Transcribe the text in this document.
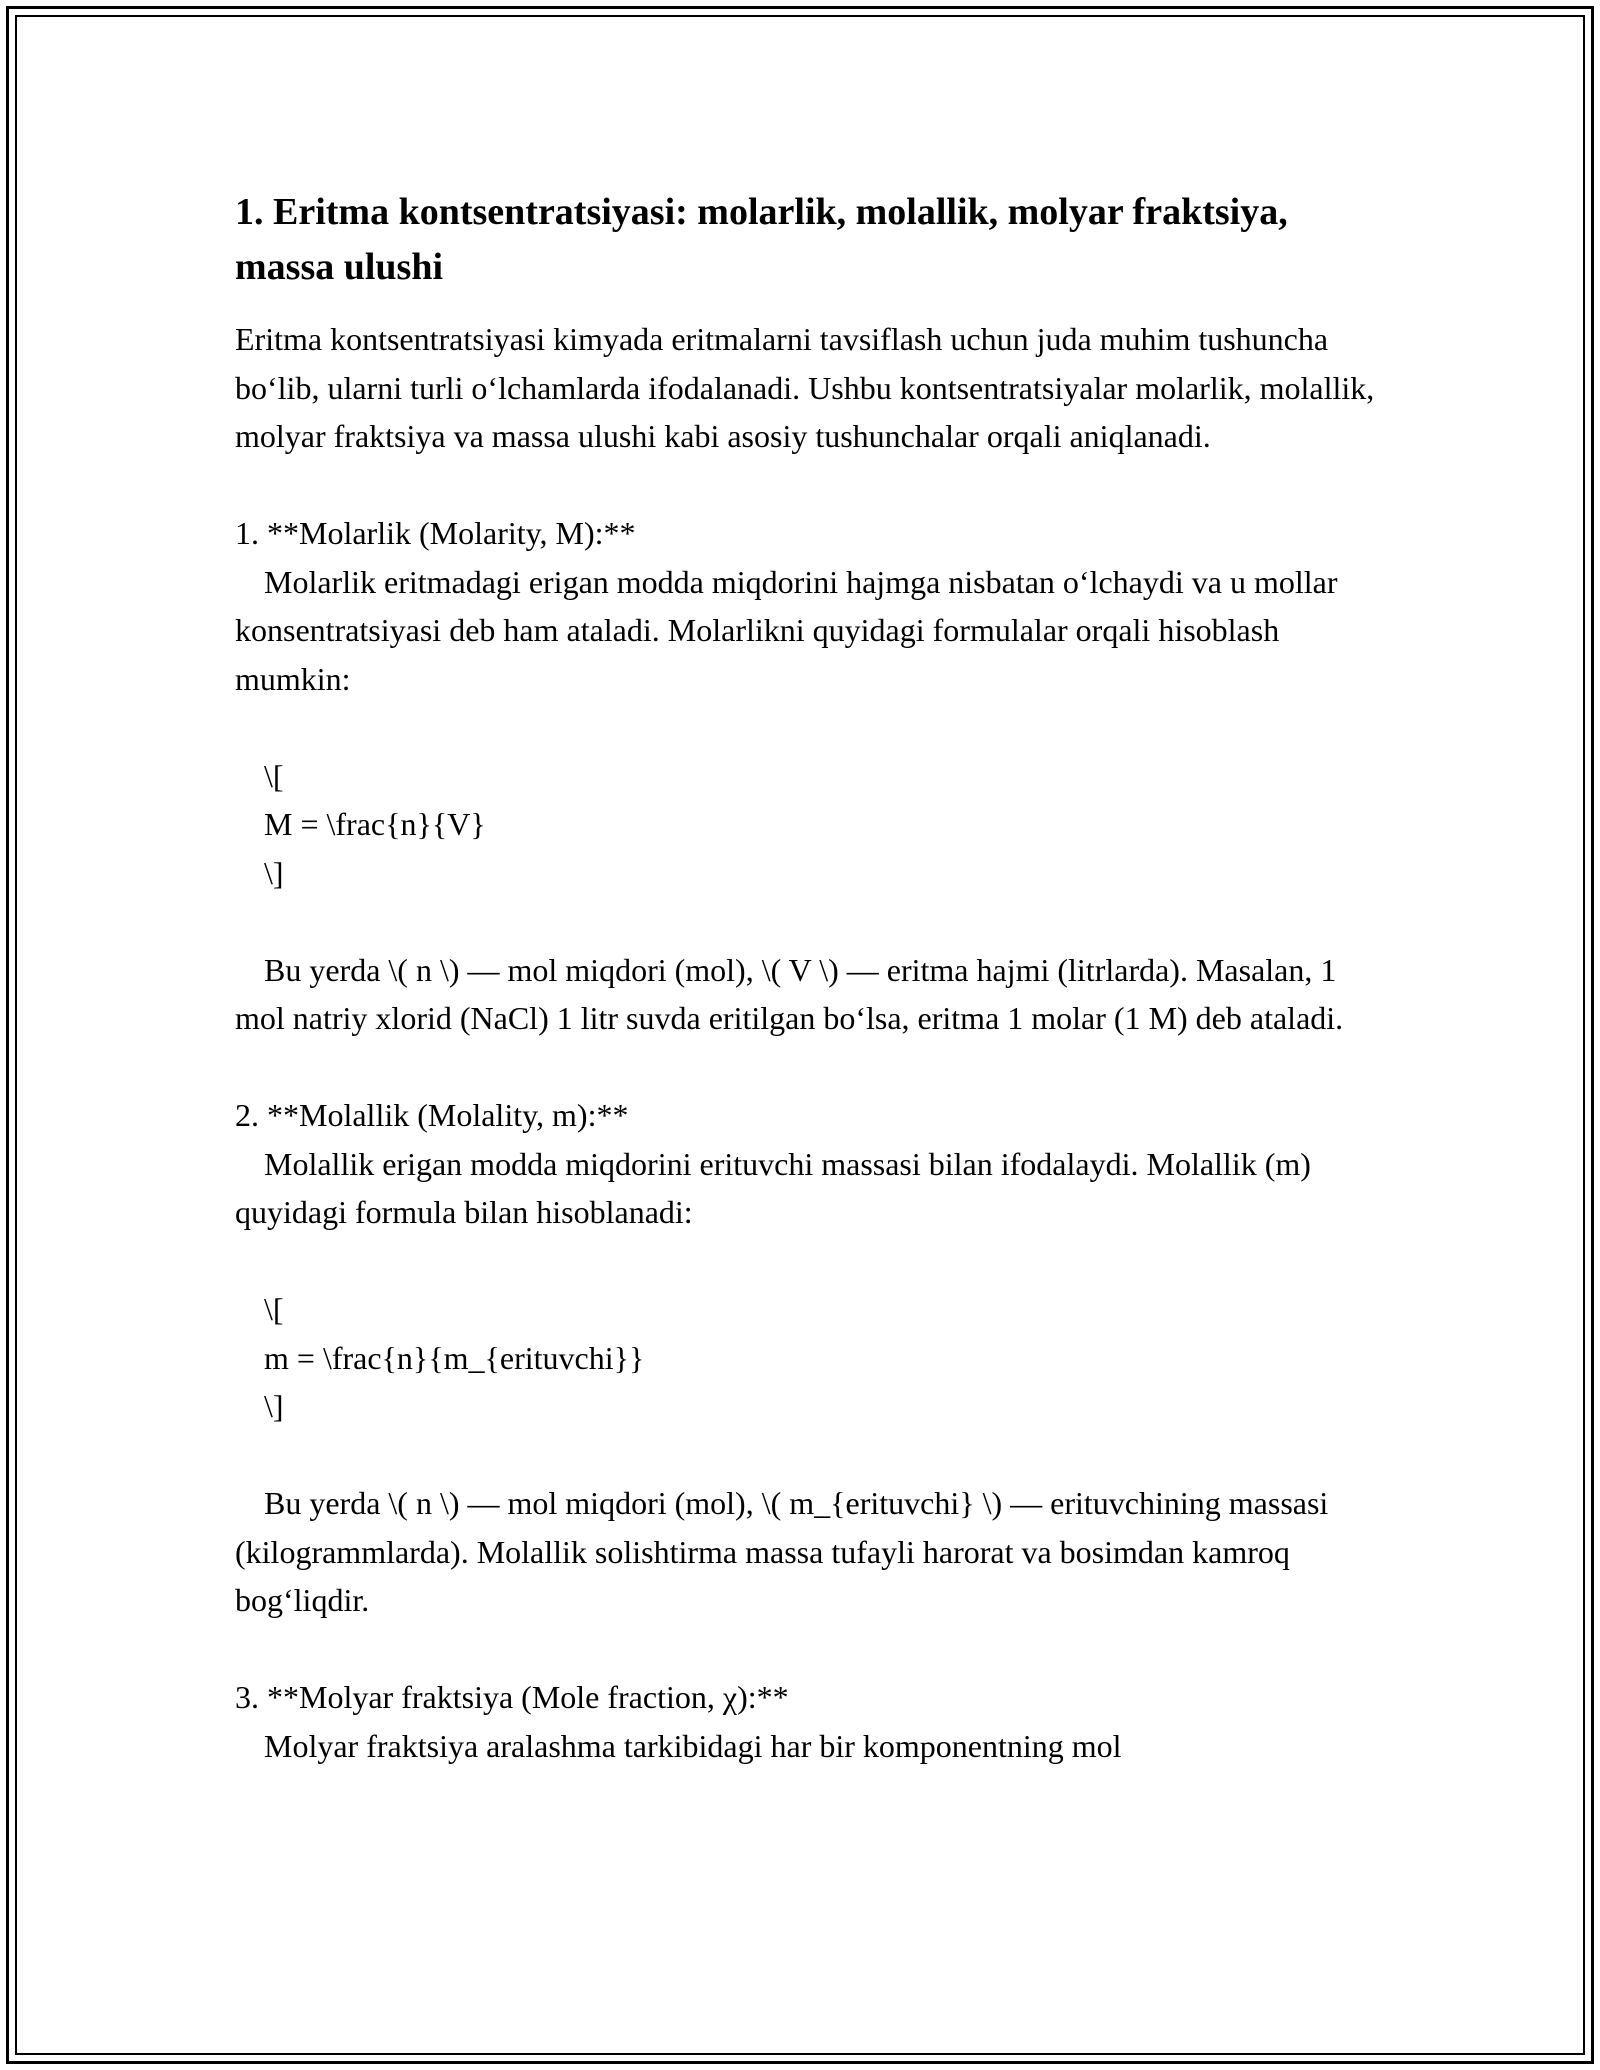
1. Eritma kontsentratsiyasi: molarlik, molallik, molyar fraktsiya, massa ulushi

Eritma kontsentratsiyasi kimyada eritmalarni tavsiflash uchun juda muhim tushuncha bo‘lib, ularni turli o‘lchamlarda ifodalanadi. Ushbu kontsentratsiyalar molarlik, molallik, molyar fraktsiya va massa ulushi kabi asosiy tushunchalar orqali aniqlanadi.

1. **Molarlik (Molarity, M):**

Molarlik eritmadagi erigan modda miqdorini hajmga nisbatan o‘lchaydi va u mollar konsentratsiyasi deb ham ataladi. Molarlikni quyidagi formulalar orqali hisoblash mumkin:

\[

M = \frac{n}{V}

\]

Bu yerda \( n \) — mol miqdori (mol), \( V \) — eritma hajmi (litrlarda). Masalan, 1 mol natriy xlorid (NaCl) 1 litr suvda eritilgan bo‘lsa, eritma 1 molar (1 M) deb ataladi.

2. **Molallik (Molality, m):**

Molallik erigan modda miqdorini erituvchi massasi bilan ifodalaydi. Molallik (m) quyidagi formula bilan hisoblanadi:

\[

m = \frac{n}{m_{erituvchi}}

\]

Bu yerda \( n \) — mol miqdori (mol), \( m_{erituvchi} \) — erituvchining massasi (kilogrammlarda). Molallik solishtirma massa tufayli harorat va bosimdan kamroq bog‘liqdir.

3. **Molyar fraktsiya (Mole fraction, χ):**

Molyar fraktsiya aralashma tarkibidagi har bir komponentning mol
